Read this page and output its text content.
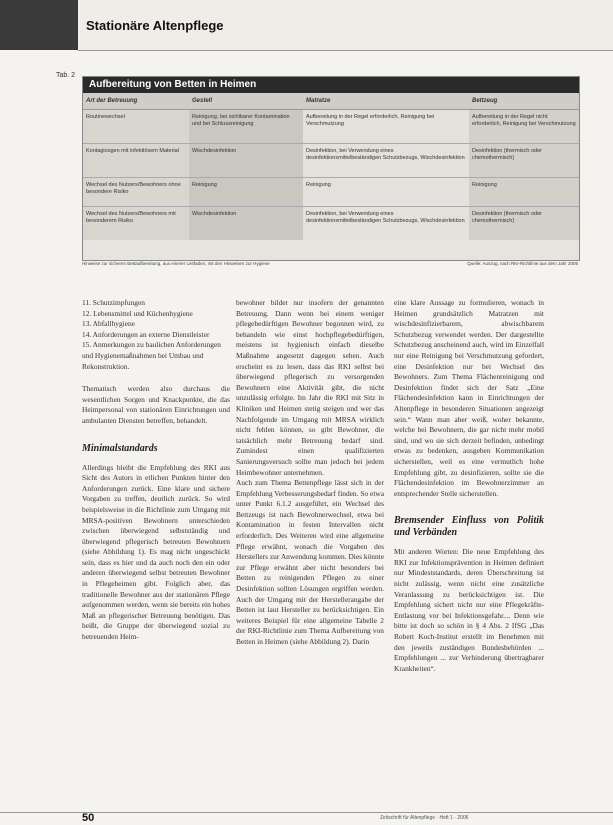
Stationäre Altenpflege
Tab. 2
Aufbereitung von Betten in Heimen
Art der Betreuung	Gestell	Matratze	Bettzeug
Routinewechsel	Reinigung, bei sichtbarer Kontamination und bei Schlussreinigung	Aufbereitung in der Regel erforderlich, Reinigung bei Verschmutzung	Aufbereitung in der Regel nicht erforderlich, Reinigung bei Verschmutzung
Kontagiosgen mit infektiösem Material	Wischdesinfektion	Desinfektion, bei Verwendung eines desinfektionsmittelbeständigen Schutzbezugs, Wischdesinfektion	Desinfektion (thermisch oder chemothermisch)
Wechsel des Nutzers/Bewohners ohne besondere Risiko	Reinigung	Reinigung	Reinigung
Wechsel des Nutzers/Bewohners mit besonderem Risiko	Wischdesinfektion	Desinfektion, bei Verwendung eines desinfektionsmittelbeständigen Schutzbezugs, Wischdesinfektion	Desinfektion (thermisch oder chemothermisch)
Hinweise zur sicheren Bettaufbereitung, aus einerer Leitfaden, mit den Hinweisen zur Hygiene	Quelle: Auszug, nach RKI-Richtlinie aus dem Jahr 2005

11. Schutzimpfungen
12. Lebensmittel und Küchenhygiene
13. Abfallhygiene
14. Anforderungen an externe Dienstleister
15. Anmerkungen zu baulichen Anforderungen und Hygienemaßnahmen bei Umbau und Rekonstruktion.

Thematisch werden also durchaus die wesentlichen Sorgen und Knackpunkte, die das Heimpersonal von stationären Einrichtungen und ambulanten Diensten betreffen, behandelt.

Minimalstandards

Allerdings bleibt die Empfehlung des RKI aus Sicht des Autors in etlichen Punkten hinter den Anforderungen zurück. Eine klare und sichere Vorgaben zu treffen, deutlich zurück. So wird beispielsweise in die Richtlinie zum Umgang mit MRSA-positiven Bewohnern unterschieden zwischen überwiegend selbstständig und überwiegend pflegerisch betreuten Bewohnern (siehe Abbildung 1). Es mag nicht ungeschickt sein, dass es hier und da auch noch den ein oder anderen überwiegend selbst betreuten Bewohner in Pflegeheimen gibt. Folglich aber, das traditionelle Bewohner aus der stationären Pflege aufgenommen werden, wenn sie bereits ein hohes Maß an pflegerischer Betreuung benötigen. Das heißt, die Gruppe der überwiegend sozial zu betreuenden Heim-

bewohner bildet nur insofern der genannten Betreuung. Dann wenn bei einem weniger pflegebedürftigen Bewohner begonnen wird, zu behandeln wie einst hochpflegebedürftigen, meistens ist hygienisch einfach dieselbe Maßnahme angesetzt dagegen sehen. Auch erscheint es zu lesen, dass das RKI selbst bei überwiegend pflegerisch zu versorgenden Bewohnern eine Aktivität gibt, die nicht unzulässig erfolgte. Im Jahr die RKI mit Sitz in Kliniken und Heimen stetig steigen und wer das Nachfolgende im Umgang mit MRSA wirklich nicht fehlen können, so gibt Bewohner, die tatsächlich mehr Betreuung bedarf sind. Zumindest einen qualifizierten Sanierungsversuch sollte man jedoch bei jedem Heimbewohner unternehmen.

Auch zum Thema Bettenpflege lässt sich in der Empfehlung Verbesserungsbedarf finden. So etwa unter Punkt 6.1.2 ausgeführt, ein Wechsel des Bettzeugs ist nach Bewohnerwechsel, etwa bei Kontamination in festen Intervallen nicht erforderlich. Des Weiteren wird eine allgemeine Pflege erwähnt, wonach die Vorgaben des Herstellers zur Anwendung kommen. Dies könnte zur Pflege erwähnt aber nicht besonders bei Betten zu reinigenden Pflegen zu einer Desinfektion sollten Lösungen ergriffen werden. Auch der Umgang mit der Herstellerangabe der Betten ist laut Hersteller zu berücksichtigen. Ein weiteres Beispiel für eine allgemeine Tabelle 2 der RKI-Richtlinie zum Thema Aufbereitung von Betten in Heimen (siehe Abbildung 2). Darin

eine klare Aussage zu formulieren, wonach in Heimen grundsätzlich Matratzen mit wischdesinfizierbarem, abwischbarem Schutzbezug verwendet werden. Der dargestellte Schutzbezug anscheinend auch, wird im Einzelfall nur eine Reinigung bei Verschmutzung gefordert, eine Desinfektion nur bei Wechsel des Bewohners. Zum Thema Flächenreinigung und Desinfektion findet sich der Satz „Eine Flächendesinfektion kann in Einrichtungen der Altenpflege in besonderen Situationen angezeigt sein.“ Wann man aber weiß, woher bekannte, welche bei Bewohnern, die gar nicht mehr mobil sind, und wo sie sich derzeit befinden, unbedingt etwas zu bedenken, ausgeben Kommunikation sicherstellen, weil es eine vermutlich hohe Empfehlung gibt, zu desinfizieren, sollte sie die Flächendesinfektion im Bewohnerzimmer an entsprechender Stelle sicherstellen.

Bremsender Einfluss von Politik und Verbänden

Mit anderen Worten: Die neue Empfehlung des RKI zur Infektionsprävention in Heimen definiert nur Mindeststandards, deren Überschreitung ist nicht zulässig, wenn nicht eine zusätzliche Veranlassung zu berücksichtigen ist. Die Empfehlung sichert nicht nur eine Pflegekräfte-Entlastung vor bei Infektionsgefahr.... Denn wie bitte ist doch so schön in § 4 Abs. 2 IfSG „Das Robert Koch-Institut erstellt im Benehmen mit den jeweils zuständigen Bundesbehörden ... Empfehlungen ... zur Verhinderung übertragbarer Krankheiten“.

50	Zeitschrift für Altenpflege · Heft 1 · 2006
